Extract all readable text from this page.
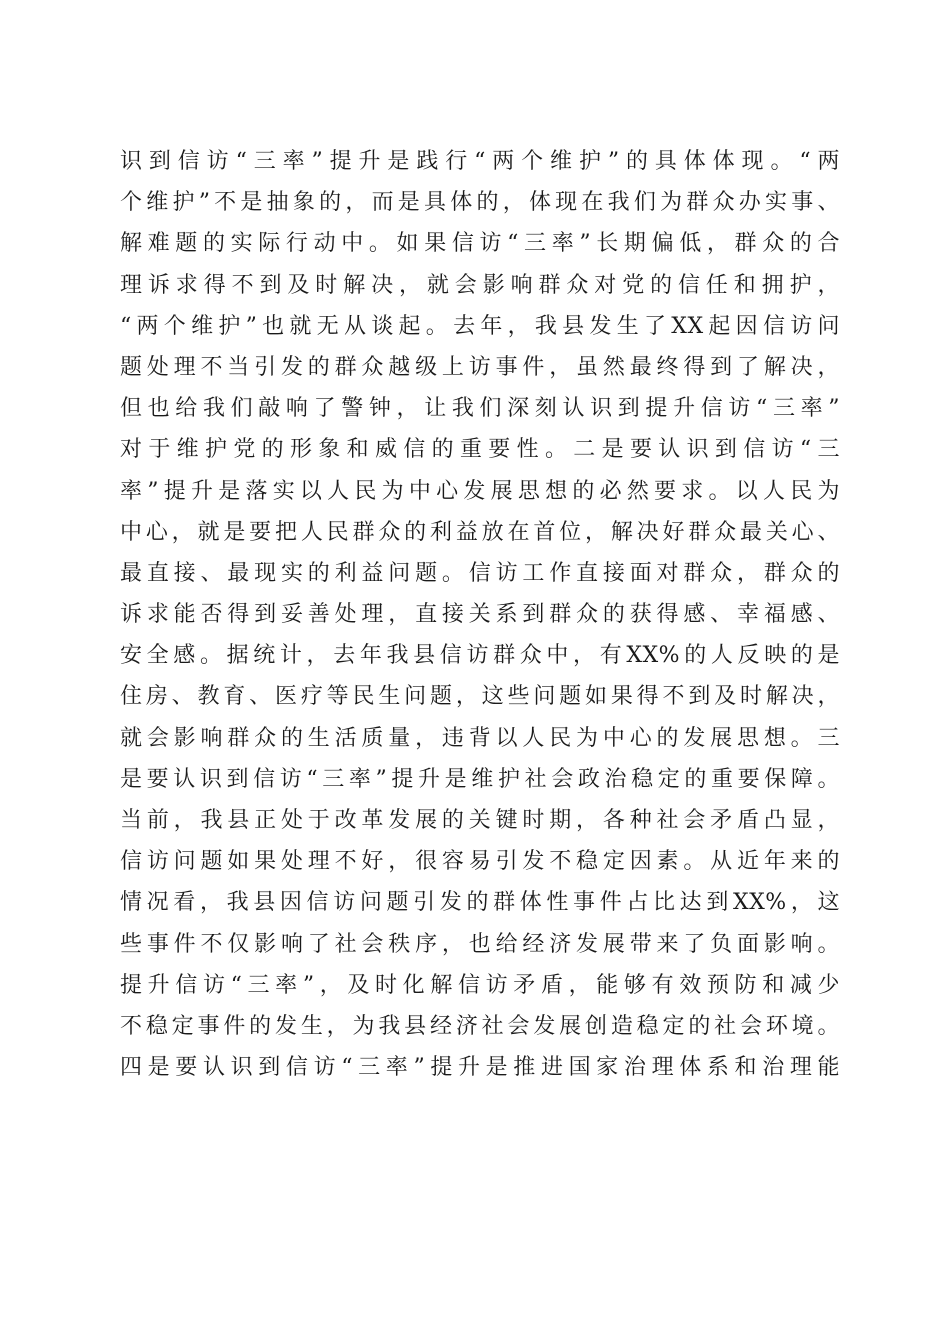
识到信访“三率”提升是践行“两个维护”的具体体现。“两
个维护”不是抽象的，而是具体的，体现在我们为群众办实事、
解难题的实际行动中。如果信访“三率”长期偏低，群众的合
理诉求得不到及时解决，就会影响群众对党的信任和拥护，
“两个维护”也就无从谈起。去年，我县发生了XX起因信访问
题处理不当引发的群众越级上访事件，虽然最终得到了解决，
但也给我们敲响了警钟，让我们深刻认识到提升信访“三率”
对于维护党的形象和威信的重要性。二是要认识到信访“三
率”提升是落实以人民为中心发展思想的必然要求。以人民为
中心，就是要把人民群众的利益放在首位，解决好群众最关心、
最直接、最现实的利益问题。信访工作直接面对群众，群众的
诉求能否得到妥善处理，直接关系到群众的获得感、幸福感、
安全感。据统计，去年我县信访群众中，有XX%的人反映的是
住房、教育、医疗等民生问题，这些问题如果得不到及时解决，
就会影响群众的生活质量，违背以人民为中心的发展思想。三
是要认识到信访“三率”提升是维护社会政治稳定的重要保障。
当前，我县正处于改革发展的关键时期，各种社会矛盾凸显，
信访问题如果处理不好，很容易引发不稳定因素。从近年来的
情况看，我县因信访问题引发的群体性事件占比达到XX%，这
些事件不仅影响了社会秩序，也给经济发展带来了负面影响。
提升信访“三率”，及时化解信访矛盾，能够有效预防和减少
不稳定事件的发生，为我县经济社会发展创造稳定的社会环境。
四是要认识到信访“三率”提升是推进国家治理体系和治理能
